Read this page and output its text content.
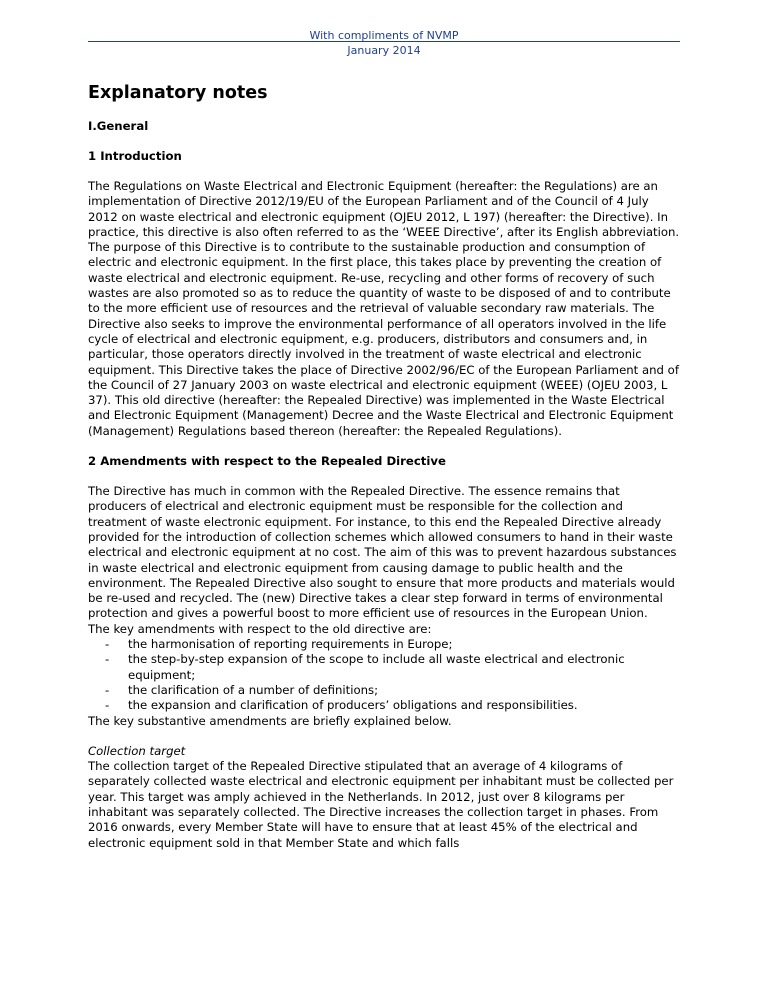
With compliments of NVMP
January 2014
Explanatory notes
I.General
1 Introduction

The Regulations on Waste Electrical and Electronic Equipment (hereafter: the Regulations) are an implementation of Directive 2012/19/EU of the European Parliament and of the Council of 4 July 2012 on waste electrical and electronic equipment (OJEU 2012, L 197) (hereafter: the Directive). In practice, this directive is also often referred to as the ‘WEEE Directive’, after its English abbreviation.

The purpose of this Directive is to contribute to the sustainable production and consumption of electric and electronic equipment. In the first place, this takes place by preventing the creation of waste electrical and electronic equipment. Re-use, recycling and other forms of recovery of such wastes are also promoted so as to reduce the quantity of waste to be disposed of and to contribute to the more efficient use of resources and the retrieval of valuable secondary raw materials. The Directive also seeks to improve the environmental performance of all operators involved in the life cycle of electrical and electronic equipment, e.g. producers, distributors and consumers and, in particular, those operators directly involved in the treatment of waste electrical and electronic equipment. This Directive takes the place of Directive 2002/96/EC of the European Parliament and of the Council of 27 January 2003 on waste electrical and electronic equipment (WEEE) (OJEU 2003, L 37). This old directive (hereafter: the Repealed Directive) was implemented in the Waste Electrical and Electronic Equipment (Management) Decree and the Waste Electrical and Electronic Equipment (Management) Regulations based thereon (hereafter: the Repealed Regulations).

2 Amendments with respect to the Repealed Directive

The Directive has much in common with the Repealed Directive. The essence remains that producers of electrical and electronic equipment must be responsible for the collection and treatment of waste electronic equipment. For instance, to this end the Repealed Directive already provided for the introduction of collection schemes which allowed consumers to hand in their waste electrical and electronic equipment at no cost. The aim of this was to prevent hazardous substances in waste electrical and electronic equipment from causing damage to public health and the environment. The Repealed Directive also sought to ensure that more products and materials would be re-used and recycled. The (new) Directive takes a clear step forward in terms of environmental protection and gives a powerful boost to more efficient use of resources in the European Union.

The key amendments with respect to the old directive are:

- the harmonisation of reporting requirements in Europe;
- the step-by-step expansion of the scope to include all waste electrical and electronic equipment;
- the clarification of a number of definitions;
- the expansion and clarification of producers’ obligations and responsibilities.

The key substantive amendments are briefly explained below.

Collection target

The collection target of the Repealed Directive stipulated that an average of 4 kilograms of separately collected waste electrical and electronic equipment per inhabitant must be collected per year. This target was amply achieved in the Netherlands. In 2012, just over 8 kilograms per inhabitant was separately collected. The Directive increases the collection target in phases. From 2016 onwards, every Member State will have to ensure that at least 45% of the electrical and electronic equipment sold in that Member State and which falls
